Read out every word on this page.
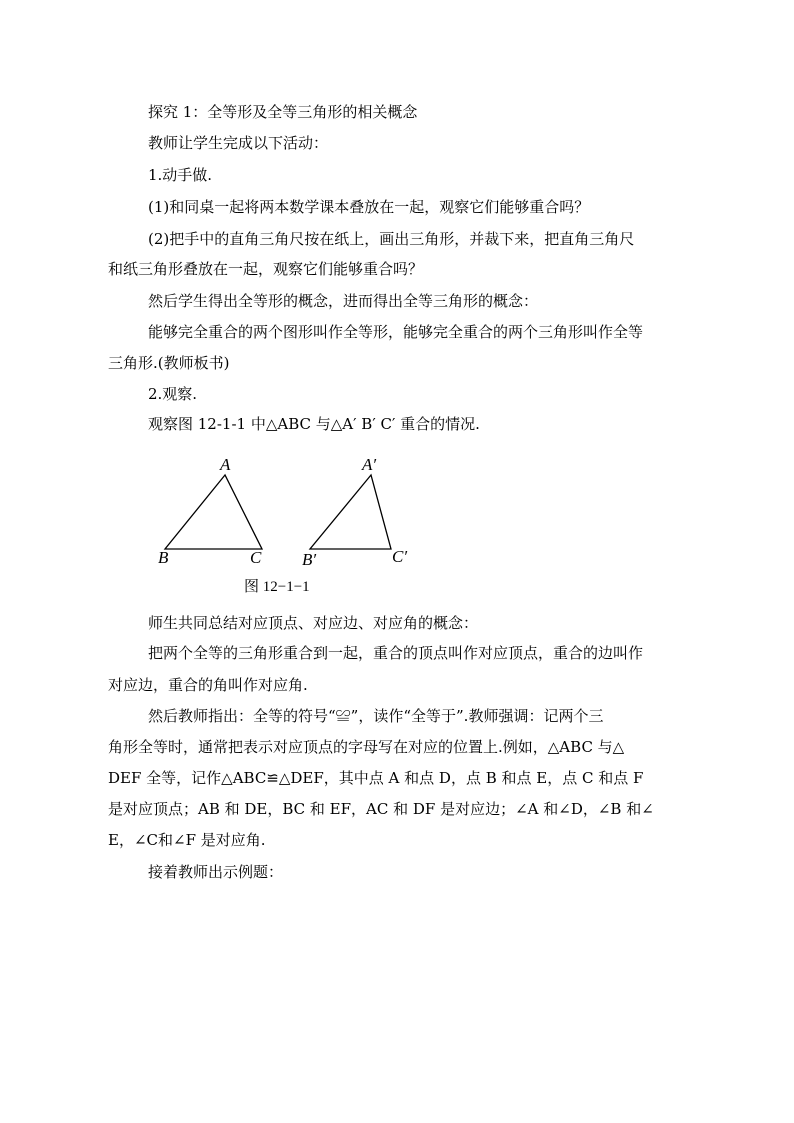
探究 1：全等形及全等三角形的相关概念
教师让学生完成以下活动：
1.动手做.
(1)和同桌一起将两本数学课本叠放在一起，观察它们能够重合吗？
(2)把手中的直角三角尺按在纸上，画出三角形，并裁下来，把直角三角尺
和纸三角形叠放在一起，观察它们能够重合吗？
然后学生得出全等形的概念，进而得出全等三角形的概念：
能够完全重合的两个图形叫作全等形，能够完全重合的两个三角形叫作全等
三角形.(教师板书)
2.观察.
观察图 12-1-1 中△ABC 与△A′ B′ C′ 重合的情况.
A
B	C
A′
B′	C′
图 12−1−1
师生共同总结对应顶点、对应边、对应角的概念：
把两个全等的三角形重合到一起，重合的顶点叫作对应顶点，重合的边叫作
对应边，重合的角叫作对应角.
然后教师指出：全等的符号“≌”，读作“全等于”.教师强调：记两个三
角形全等时，通常把表示对应顶点的字母写在对应的位置上.例如，△ABC 与△
DEF 全等，记作△ABC≌△DEF，其中点 A 和点 D，点 B 和点 E，点 C 和点 F
是对应顶点；AB 和 DE，BC 和 EF，AC 和 DF 是对应边；∠A 和∠D，∠B 和∠
E，∠C和∠F 是对应角.
接着教师出示例题：
